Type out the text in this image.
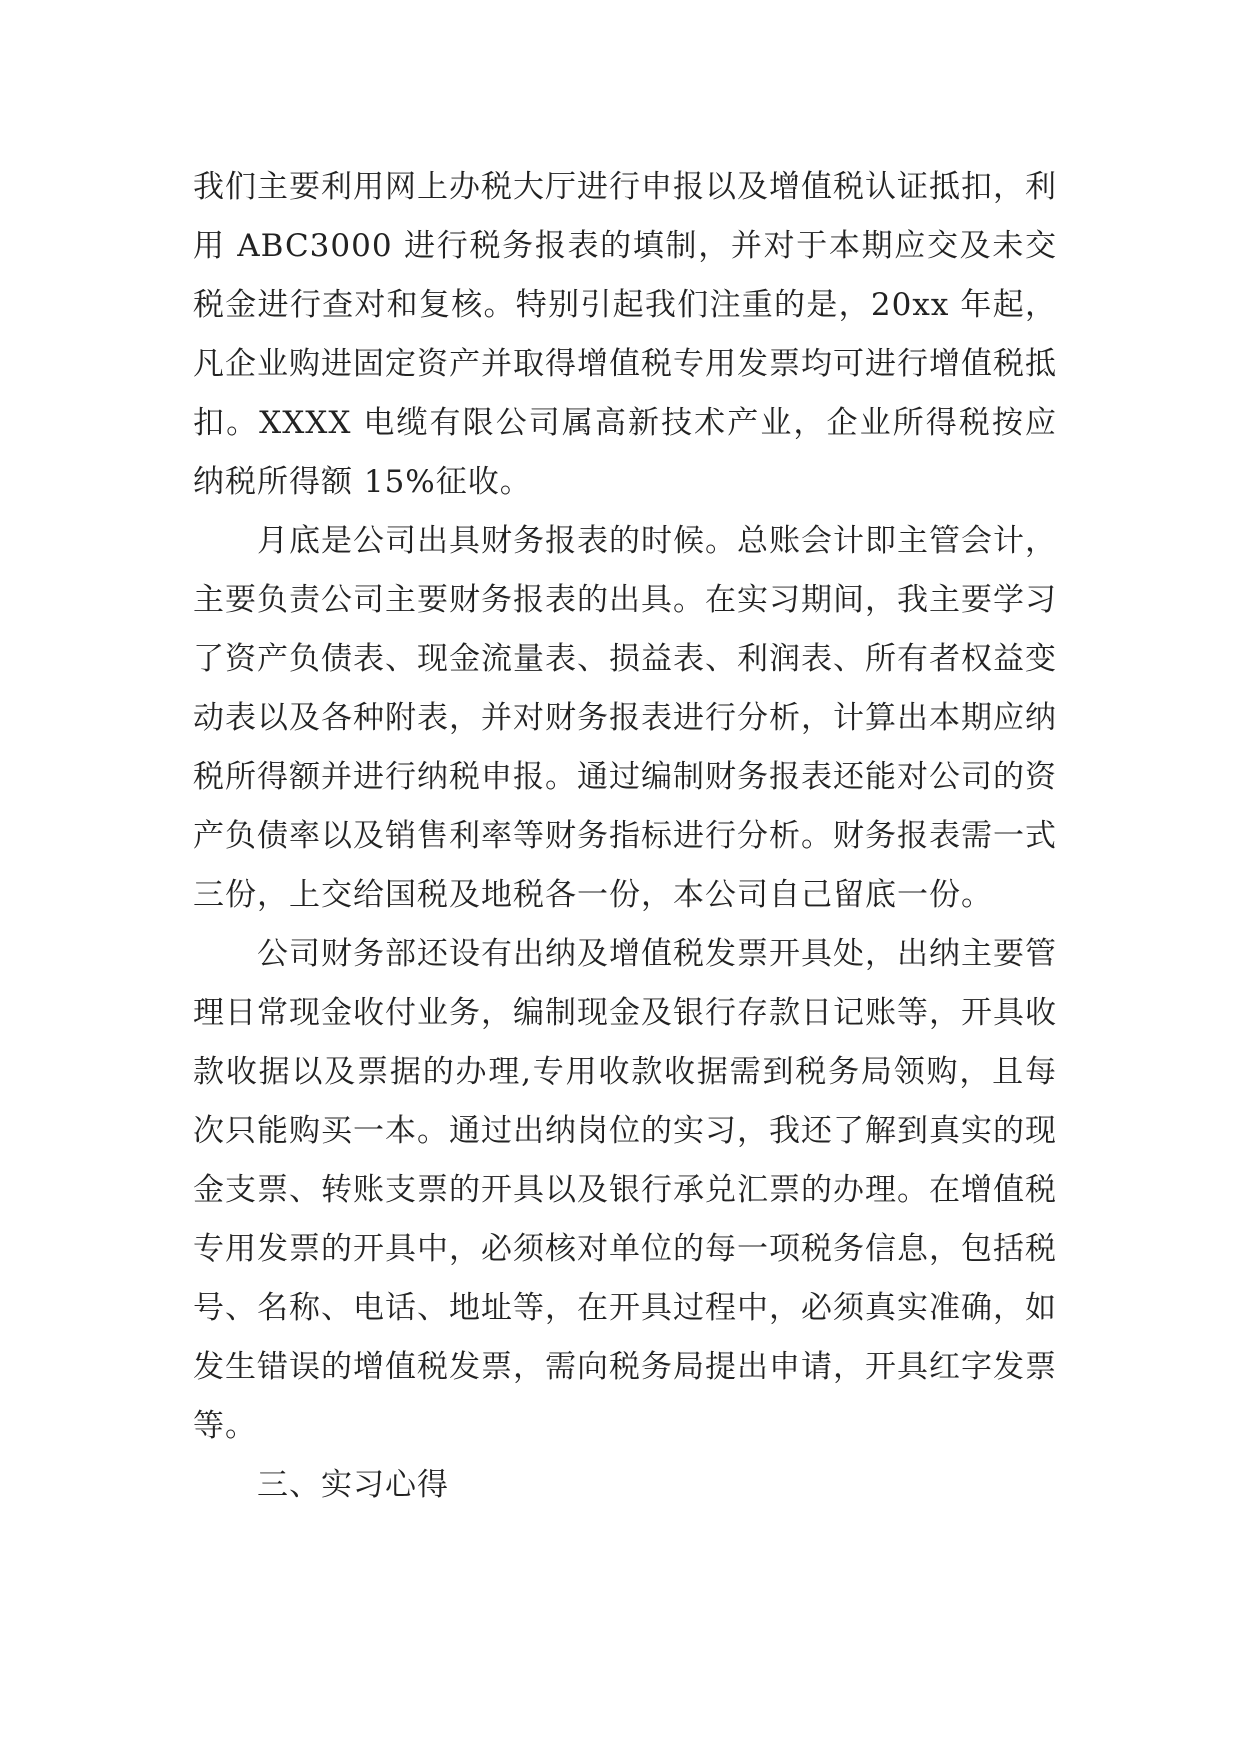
我们主要利用网上办税大厅进行申报以及增值税认证抵扣，利用 ABC3000 进行税务报表的填制，并对于本期应交及未交税金进行查对和复核。特别引起我们注重的是，20xx 年起，凡企业购进固定资产并取得增值税专用发票均可进行增值税抵扣。XXXX 电缆有限公司属高新技术产业，企业所得税按应纳税所得额 15%征收。

月底是公司出具财务报表的时候。总账会计即主管会计，主要负责公司主要财务报表的出具。在实习期间，我主要学习了资产负债表、现金流量表、损益表、利润表、所有者权益变动表以及各种附表，并对财务报表进行分析，计算出本期应纳税所得额并进行纳税申报。通过编制财务报表还能对公司的资产负债率以及销售利率等财务指标进行分析。财务报表需一式三份，上交给国税及地税各一份，本公司自己留底一份。

公司财务部还设有出纳及增值税发票开具处，出纳主要管理日常现金收付业务，编制现金及银行存款日记账等，开具收款收据以及票据的办理,专用收款收据需到税务局领购，且每次只能购买一本。通过出纳岗位的实习，我还了解到真实的现金支票、转账支票的开具以及银行承兑汇票的办理。在增值税专用发票的开具中，必须核对单位的每一项税务信息，包括税号、名称、电话、地址等，在开具过程中，必须真实准确，如发生错误的增值税发票，需向税务局提出申请，开具红字发票等。

三、实习心得
